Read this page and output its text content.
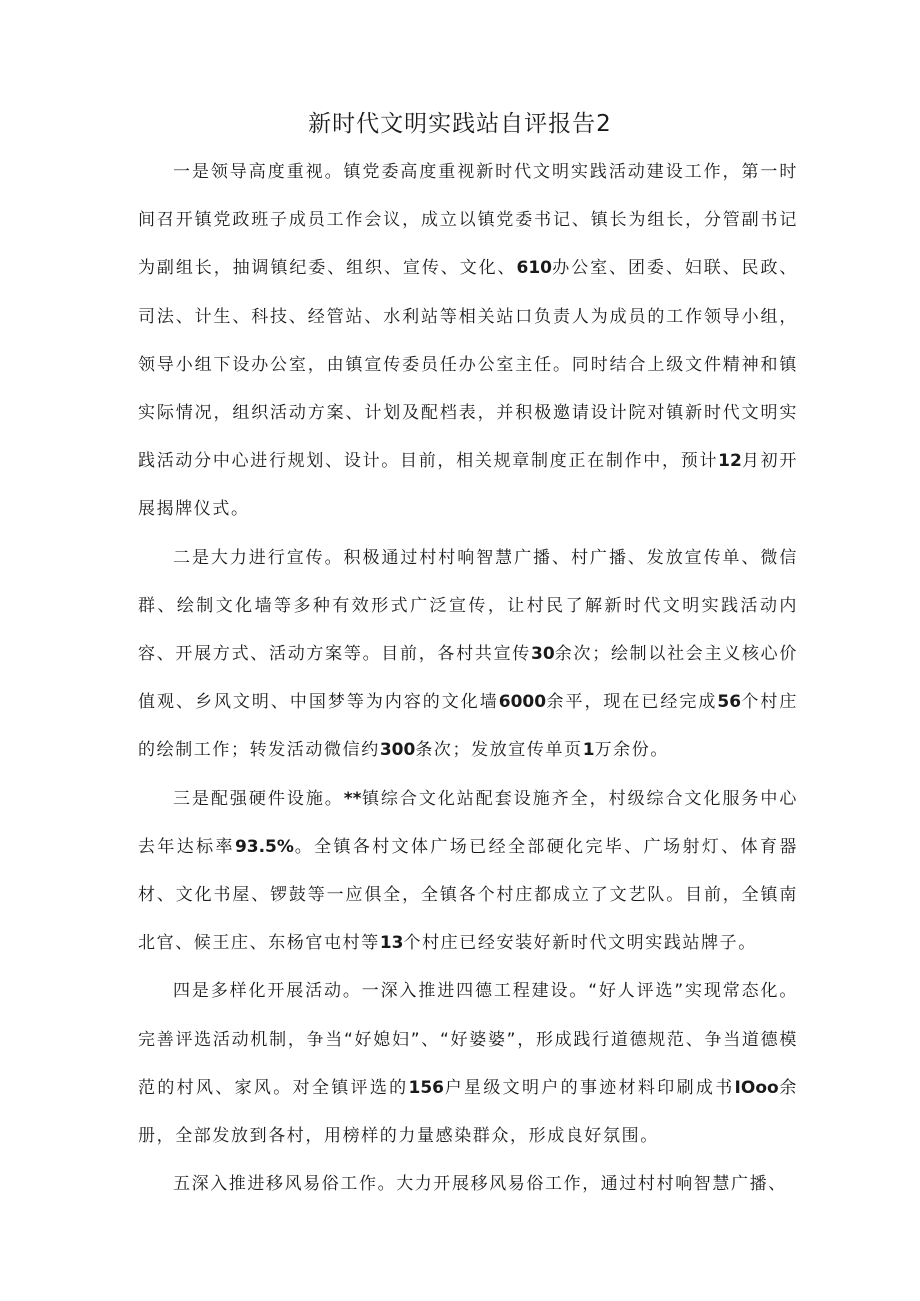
新时代文明实践站自评报告2

一是领导高度重视。镇党委高度重视新时代文明实践活动建设工作，第一时间召开镇党政班子成员工作会议，成立以镇党委书记、镇长为组长，分管副书记为副组长，抽调镇纪委、组织、宣传、文化、610办公室、团委、妇联、民政、司法、计生、科技、经管站、水利站等相关站口负责人为成员的工作领导小组，领导小组下设办公室，由镇宣传委员任办公室主任。同时结合上级文件精神和镇实际情况，组织活动方案、计划及配档表，并积极邀请设计院对镇新时代文明实践活动分中心进行规划、设计。目前，相关规章制度正在制作中，预计12月初开展揭牌仪式。

二是大力进行宣传。积极通过村村响智慧广播、村广播、发放宣传单、微信群、绘制文化墙等多种有效形式广泛宣传，让村民了解新时代文明实践活动内容、开展方式、活动方案等。目前，各村共宣传30余次；绘制以社会主义核心价值观、乡风文明、中国梦等为内容的文化墙6000余平，现在已经完成56个村庄的绘制工作；转发活动微信约300条次；发放宣传单页1万余份。

三是配强硬件设施。**镇综合文化站配套设施齐全，村级综合文化服务中心去年达标率93.5%。全镇各村文体广场已经全部硬化完毕、广场射灯、体育器材、文化书屋、锣鼓等一应俱全，全镇各个村庄都成立了文艺队。目前，全镇南北官、候王庄、东杨官屯村等13个村庄已经安装好新时代文明实践站牌子。

四是多样化开展活动。一深入推进四德工程建设。“好人评选”实现常态化。完善评选活动机制，争当“好媳妇”、“好婆婆”，形成践行道德规范、争当道德模范的村风、家风。对全镇评选的156户星级文明户的事迹材料印刷成书IOoo余册，全部发放到各村，用榜样的力量感染群众，形成良好氛围。

五深入推进移风易俗工作。大力开展移风易俗工作，通过村村响智慧广播、
